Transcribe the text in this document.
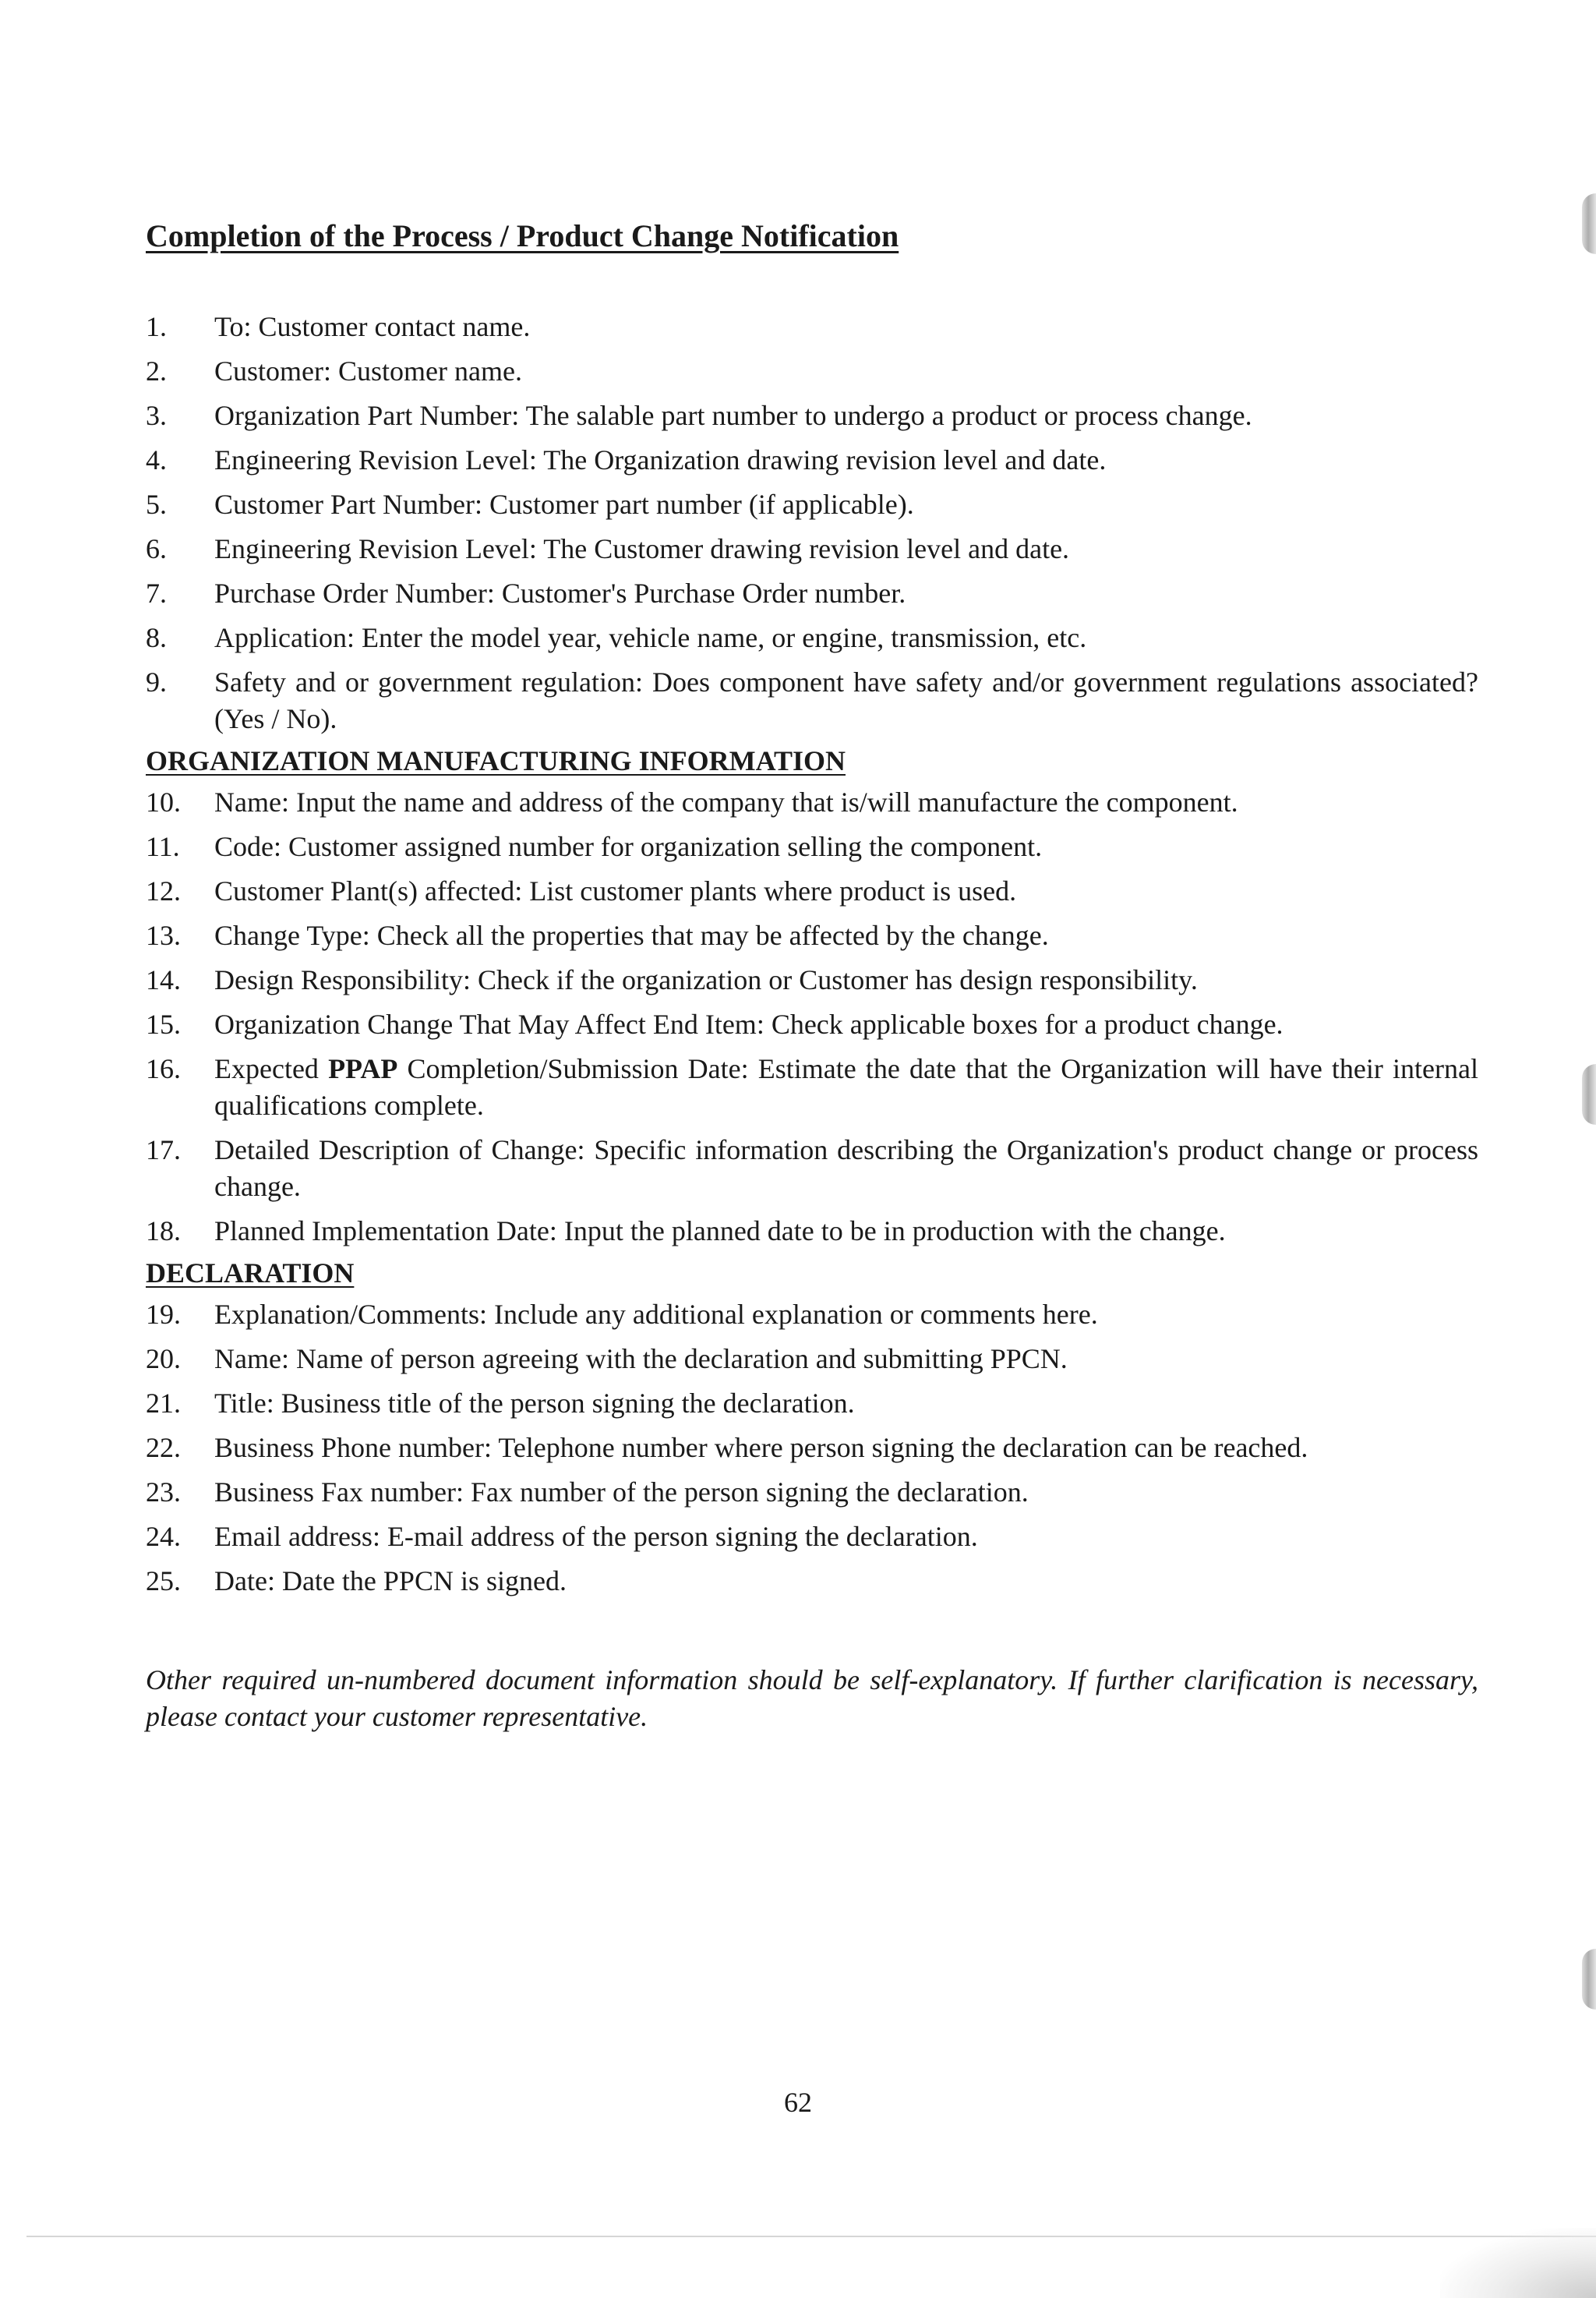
Completion of the Process / Product Change Notification
1.	To: Customer contact name.
2.	Customer: Customer name.
3.	Organization Part Number: The salable part number to undergo a product or process change.
4.	Engineering Revision Level: The Organization drawing revision level and date.
5.	Customer Part Number: Customer part number (if applicable).
6.	Engineering Revision Level: The Customer drawing revision level and date.
7.	Purchase Order Number: Customer's Purchase Order number.
8.	Application: Enter the model year, vehicle name, or engine, transmission, etc.
9.	Safety and or government regulation: Does component have safety and/or government regulations associated? (Yes / No).
ORGANIZATION MANUFACTURING INFORMATION
10.	Name: Input the name and address of the company that is/will manufacture the component.
11.	Code: Customer assigned number for organization selling the component.
12.	Customer Plant(s) affected: List customer plants where product is used.
13.	Change Type: Check all the properties that may be affected by the change.
14.	Design Responsibility: Check if the organization or Customer has design responsibility.
15.	Organization Change That May Affect End Item: Check applicable boxes for a product change.
16.	Expected PPAP Completion/Submission Date: Estimate the date that the Organization will have their internal qualifications complete.
17.	Detailed Description of Change: Specific information describing the Organization's product change or process change.
18.	Planned Implementation Date: Input the planned date to be in production with the change.
DECLARATION
19.	Explanation/Comments: Include any additional explanation or comments here.
20.	Name: Name of person agreeing with the declaration and submitting PPCN.
21.	Title: Business title of the person signing the declaration.
22.	Business Phone number: Telephone number where person signing the declaration can be reached.
23.	Business Fax number: Fax number of the person signing the declaration.
24.	Email address: E-mail address of the person signing the declaration.
25.	Date: Date the PPCN is signed.
Other required un-numbered document information should be self-explanatory. If further clarification is necessary, please contact your customer representative.
62
